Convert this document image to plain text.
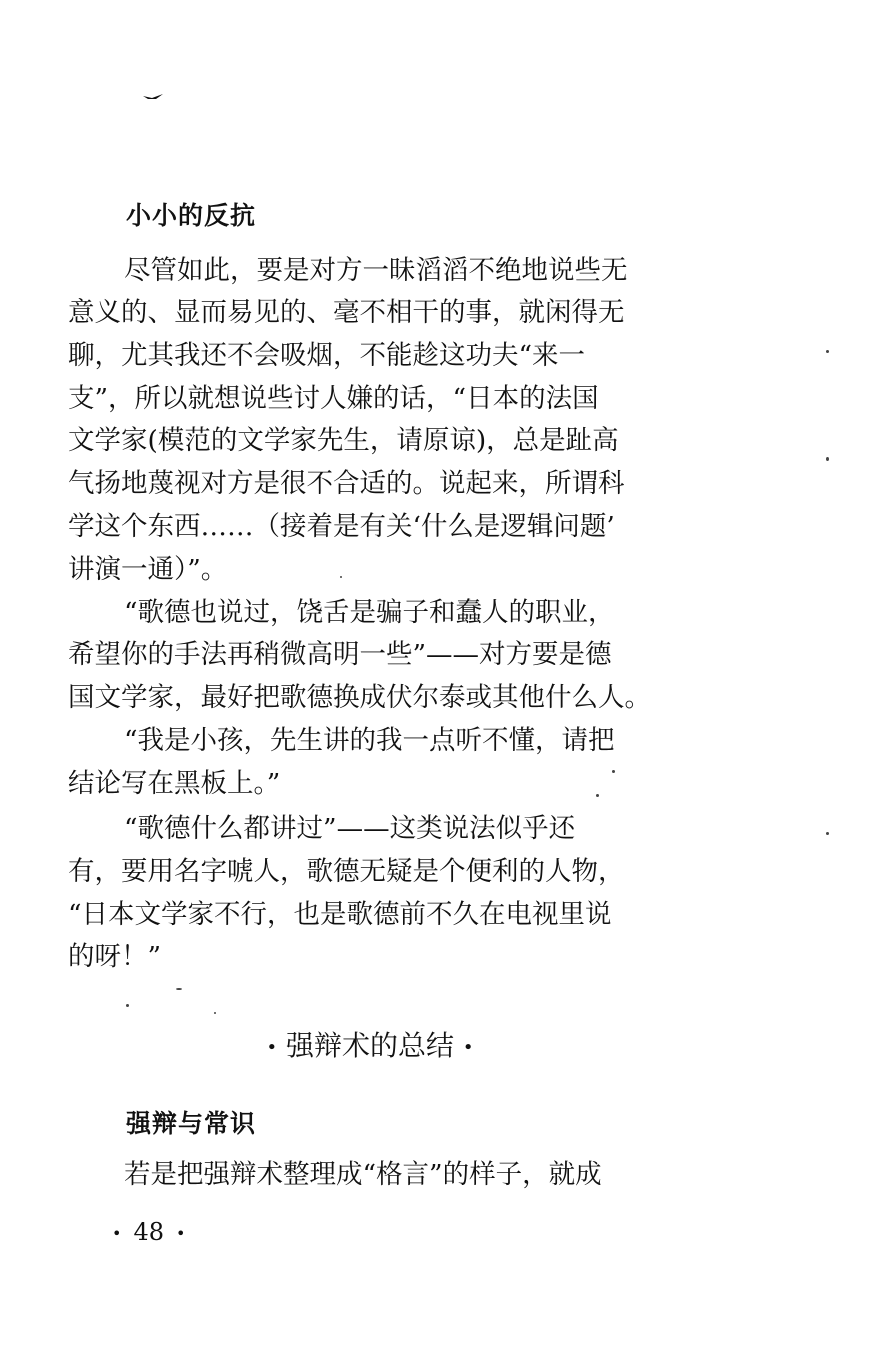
小小的反抗
尽管如此，要是对方一昧滔滔不绝地说些无
意义的、显而易见的、毫不相干的事，就闲得无
聊，尤其我还不会吸烟，不能趁这功夫“来一
支”，所以就想说些讨人嫌的话，“日本的法国
文学家(模范的文学家先生，请原谅)，总是趾高
气扬地蔑视对方是很不合适的。说起来，所谓科
学这个东西……（接着是有关‘什么是逻辑问题’
讲演一通）”。
“歌德也说过，饶舌是骗子和蠢人的职业，
希望你的手法再稍微高明一些”——对方要是德
国文学家，最好把歌德换成伏尔泰或其他什么人。
“我是小孩，先生讲的我一点听不懂，请把
结论写在黑板上。”
“歌德什么都讲过”——这类说法似乎还
有，要用名字唬人，歌德无疑是个便利的人物，
“日本文学家不行，也是歌德前不久在电视里说
的呀！”
• 强辩术的总结 •
强辩与常识
若是把强辩术整理成“格言”的样子，就成
• 48 •
